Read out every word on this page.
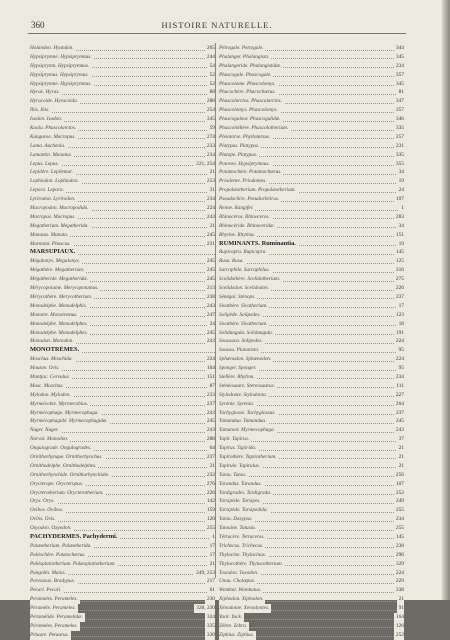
360	HISTOIRE NATURELLE.
Holandon. Hyandon.	265
Hypsiprymne. Hypsiprymnus.	244
Hypsiprymn. Hypsiprymnus.	54
Hypsiprymus. Hypsiprymus.	52
Hypsiprymne. Hypsiprymnus.	52
Hyrax. Hyrax.	88
Hyracoide. Hyracoida.	288
Ibis. Ibis.	254
Isodon. Isodon.	345
Koala. Phascolarctos.	59
Kanguroo. Macropus.	274
Lama. Auchenia.	233
Lamantin. Manatus.	234
Lepus. Lepus.	221, 254
Lepidère. Lepilemur.	21
Lophiodon. Lophiodon.	253
Lepora. Lepora.	31
Lyrirodon. Lyrirodon.	234
Macropodon. Macropodida.	224
Macropus. Macropus.	243
Megatherium. Megatherida.	21
Manatus. Manata.	245
Marmota. Phascas.	231
MARSUPIAUX.
Mégalonyx. Megalonyx.	245
Mégathère. Megatherium.	245
Mégatheride. Megatheridæ.	245
Mérycopotame. Merycopotamus.	213
Mérycothère. Merycotherium.	238
Monodelphe. Monodelphis.	243
Monotre. Monotremus.	247
Monodelphe. Monodelphes.	24
Monodelphe. Monodelphes.	245
Monodon. Monodon.	243
MONOTRÈMES.
Moschus. Moschida.	224
Mouton. Ovis.	164
Muntjac. Cervulus.	151
Musc. Moschus.	87
Mylodon. Mylodon.	233
Myrmécobie. Myrmecobius.	237
Myrmécophage. Myrmecophaga.	243
Myrmécophagidé. Myrmecophagidæ.	245
Nager. Nager.	243
Narval. Monodon.	288
Ongulograde. Ongulogrades.	64
Ornithorhynque. Ornithorhynchus.	237
Ornithodelphe. Ornithodelphes.	21
Ornithorhynchide. Ornithorhynchidæ.	232
Orycterope. Orycteropus.	276
Orycterotherium. Orycterotherium.	226
Oryx. Oryx.	142
Ovibos. Ovibos.	159
Ovins. Ovis.	120
Oxyodon. Oxyodon.	255
PACHYDERMES. Pachydermi.	1
Palæotherium. Palæotherida.	17
Paléochère. Palæochœrus.	17
Paléoplatiotherium. Palæoplatiotherium.	21
Pangolin. Manis.	249, 253
Paresseux. Bradypus.	217
Pécari. Pecari.	61
Perameles. Perameles.	230
Péramèle. Perameles.	328, 330
Péramélide. Peramelidæ.	324
Pérameles. Perameles.	335
Pétaure. Petaurus.	330
Pétrogale. Petrogale.	344
Phalanger. Phalangista.	345
Phalangeride. Phalangistidæ.	234
Phascogale. Phascogale.	357
Phascolome. Phascolomys.	345
Phacochère. Phacochœrus.	81
Phascolarctos. Phascolarctos.	347
Phascolomys. Phascolomys.	357
Phascogaleur. Phascogalidæ.	346
Phascolothère. Phascolotherium.	335
Pleiotarse. Phyllotarsus.	257
Platypus. Platypus.	231
Platope. Platypus.	335
Potoroo. Hypsiprymnus.	355
Potamochère. Potamochœrus.	34
Priodonte. Priodontes.	19
Propalæotherium. Propalæotherium.	24
Pseudochire. Pseudocheirus.	107
Renne. Rangifer.	1
Rhinocéros. Rhinoceros.	283
Rhinocéride. Rhinoceridæ.	34
Rhytine. Rhytina.	151
RUMINANTS. Ruminantia.	19
Rupicapra. Rupicapra.	145
Rusa. Rusa.	125
Sarcophile. Sarcophilus.	316
Scelidothère. Scelidotherium.	275
Scelidodon. Scelidodon.	226
Sénégal. Sténops.	237
Sivathère. Sivatherium.	17
Solipède. Solipedes.	123
Sivathère. Sivatherium.	18
Solidungula. Solidungula.	191
Sousouca. Solipedes.	224
Sousou. Platanista.	95
Sphænodon. Sphænodon.	224
Sponger. Sponger.	95
Stellère. Rhytina.	234
Sténéosaure. Stereosaurus.	111
Stylodonte. Stylodonta.	227
Syrénie. Syrenia.	264
Tachyglosse. Tachyglossus.	237
Tamandua. Tamandua.	245
Tamanoir. Myrmecophaga.	243
Tapir. Tapirus.	37
Tapirus. Tapirida.	21
Tapirothère. Tapirotherium.	21
Tapirule. Tapirulus.	21
Tatou. Tatou.	256
Tarandus. Tarandus.	107
Tardigrades. Tardigrada.	252
Tarsipède. Tarsipes.	249
Tarsipède. Tarsipedida.	255
Tatou. Dasypus.	234
Tatouine. Tatusia.	255
Tétracère. Tetraceros.	145
Trichecus. Trichecus.	238
Thylacine. Thylacinus.	296
Thylacothère. Thylacotherium.	329
Toxodon. Toxodon.	224
Unau. Cholœpus.	229
Wombat. Wombatus.	338
Xiphodon. Xiphodon.	21
Xénodonte. Xenodontes.	91
Yack. Yack.	164
Zèbre. Zebra.	126
Ziphius. Ziphius.	252
